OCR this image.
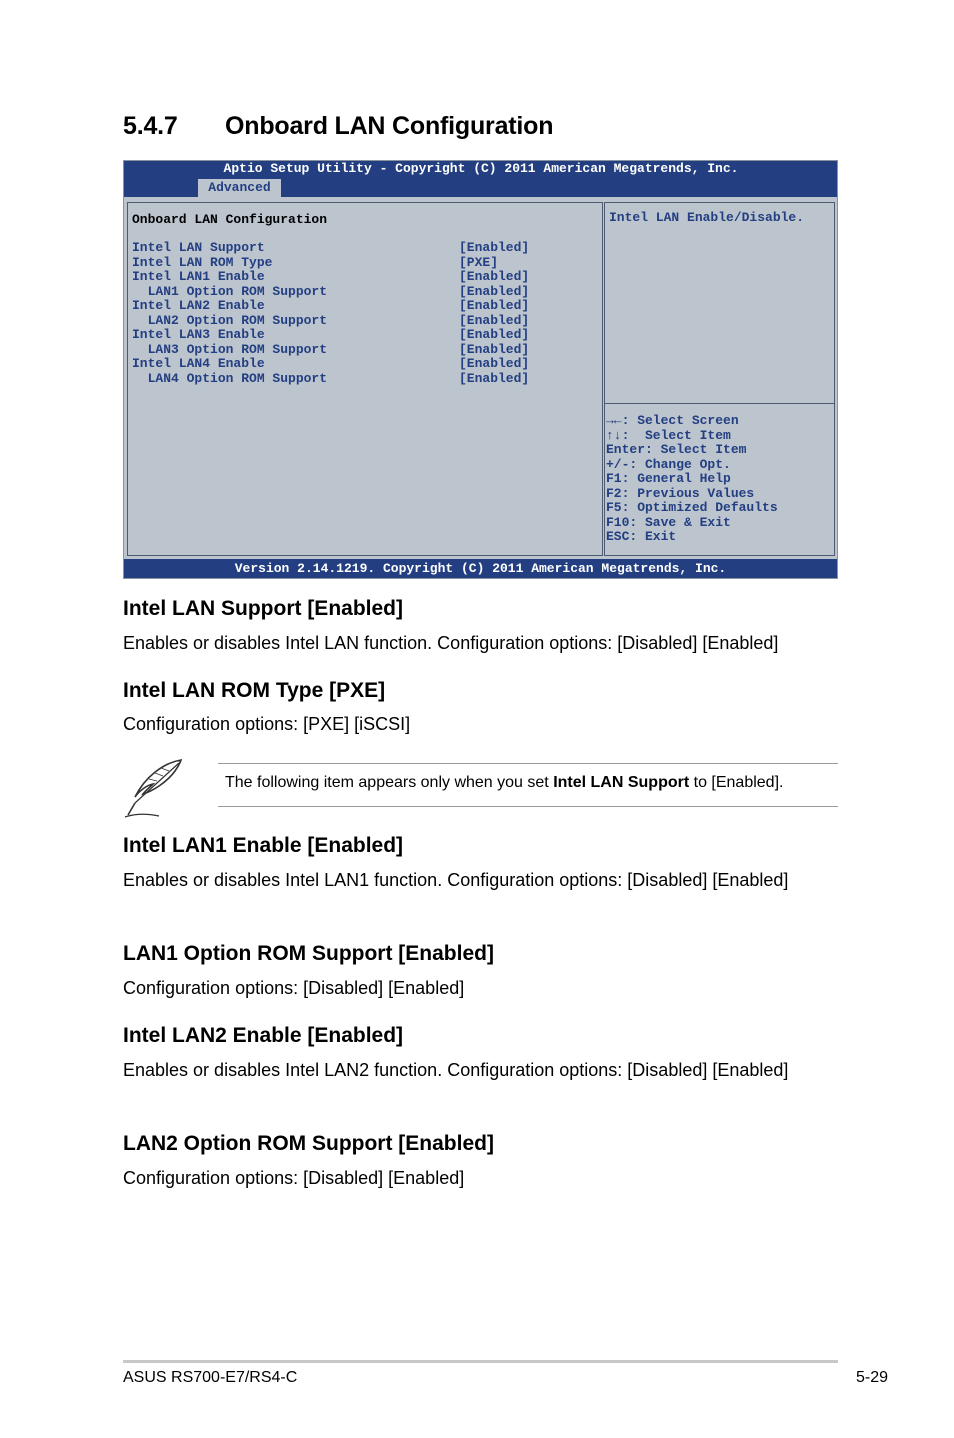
5.4.7 Onboard LAN Configuration
Aptio Setup Utility - Copyright (C) 2011 American Megatrends, Inc.
Advanced
Onboard LAN Configuration
Intel LAN Support	[Enabled]
Intel LAN ROM Type	[PXE]
Intel LAN1 Enable	[Enabled]
LAN1 Option ROM Support	[Enabled]
Intel LAN2 Enable	[Enabled]
LAN2 Option ROM Support	[Enabled]
Intel LAN3 Enable	[Enabled]
LAN3 Option ROM Support	[Enabled]
Intel LAN4 Enable	[Enabled]
LAN4 Option ROM Support	[Enabled]
Intel LAN Enable/Disable.
→←: Select Screen
↑↓:  Select Item
Enter: Select Item
+/-: Change Opt.
F1: General Help
F2: Previous Values
F5: Optimized Defaults
F10: Save & Exit
ESC: Exit
Version 2.14.1219. Copyright (C) 2011 American Megatrends, Inc.
Intel LAN Support [Enabled]

Enables or disables Intel LAN function. Configuration options: [Disabled] [Enabled]

Intel LAN ROM Type [PXE]

Configuration options: [PXE] [iSCSI]

The following item appears only when you set Intel LAN Support to [Enabled].
Intel LAN1 Enable [Enabled]

Enables or disables Intel LAN1 function. Configuration options: [Disabled] [Enabled]

LAN1 Option ROM Support [Enabled]

Configuration options: [Disabled] [Enabled]

Intel LAN2 Enable [Enabled]

Enables or disables Intel LAN2 function. Configuration options: [Disabled] [Enabled]

LAN2 Option ROM Support [Enabled]

Configuration options: [Disabled] [Enabled]

ASUS RS700-E7/RS4-C	5-29
